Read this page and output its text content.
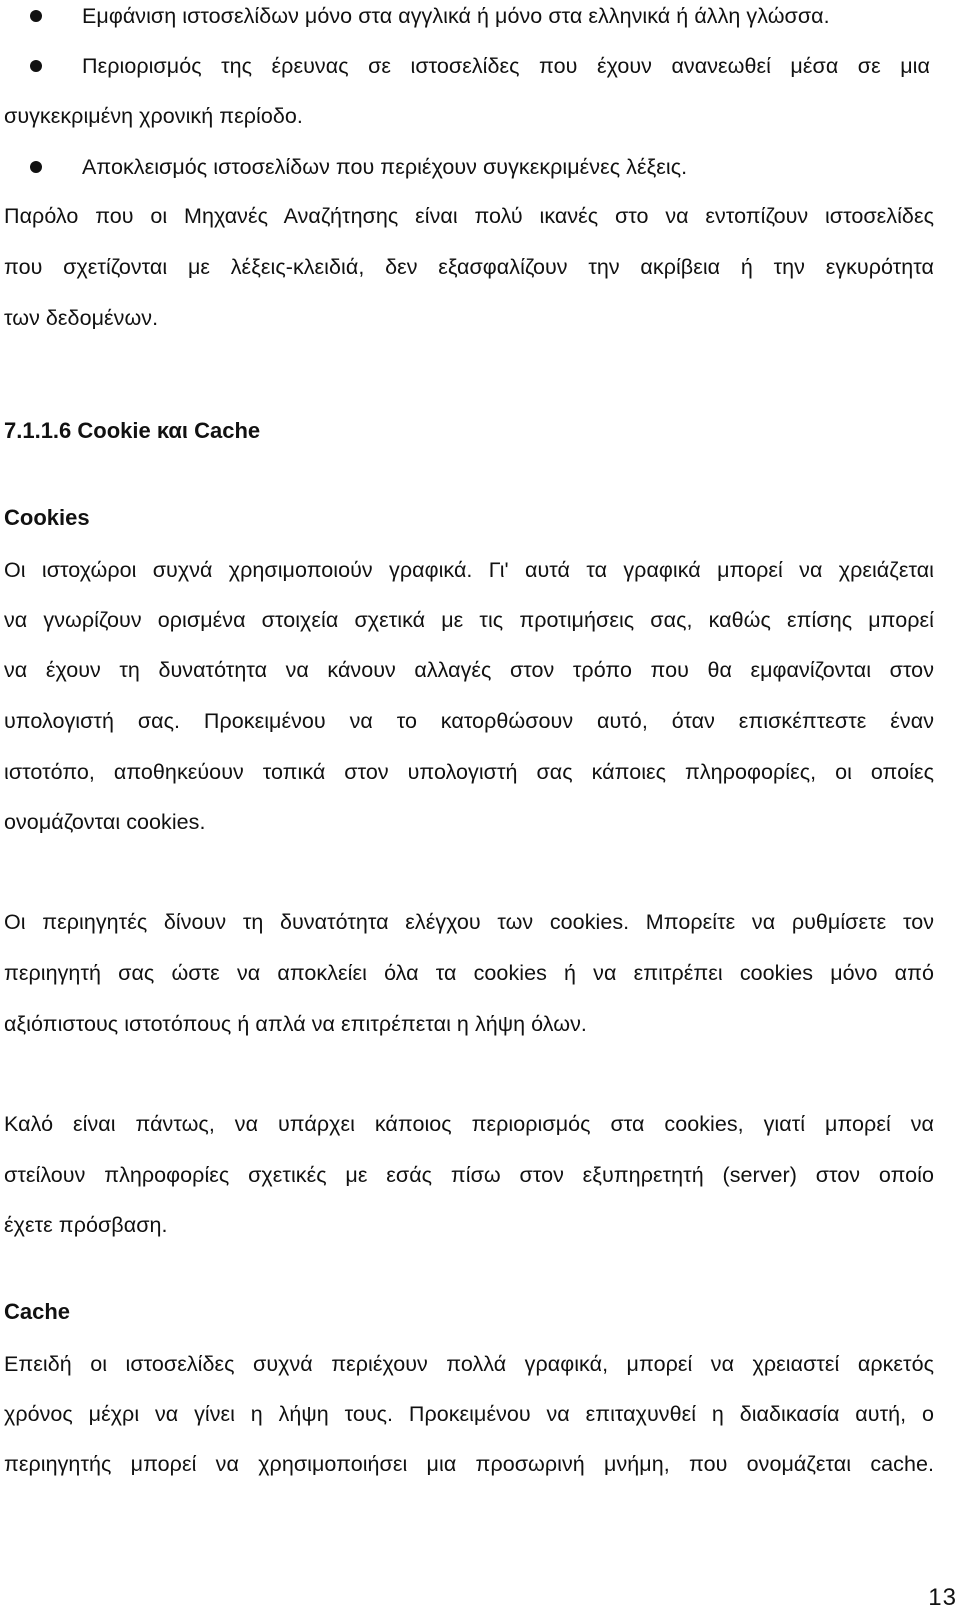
Εμφάνιση ιστοσελίδων μόνο στα αγγλικά ή μόνο στα ελληνικά ή άλλη γλώσσα.
Περιορισμός της έρευνας σε ιστοσελίδες που έχουν ανανεωθεί μέσα σε μια
συγκεκριμένη χρονική περίοδο.
Αποκλεισμός ιστοσελίδων που περιέχουν συγκεκριμένες λέξεις.
Παρόλο που οι Μηχανές Αναζήτησης είναι πολύ ικανές στο να εντοπίζουν ιστοσελίδες
που σχετίζονται με λέξεις-κλειδιά, δεν εξασφαλίζουν την ακρίβεια ή την εγκυρότητα
των δεδομένων.
7.1.1.6 Cookie και Cache
Cookies
Οι ιστοχώροι συχνά χρησιμοποιούν γραφικά. Γι' αυτά τα γραφικά μπορεί να χρειάζεται
να γνωρίζουν ορισμένα στοιχεία σχετικά με τις προτιμήσεις σας, καθώς επίσης μπορεί
να έχουν τη δυνατότητα να κάνουν αλλαγές στον τρόπο που θα εμφανίζονται στον
υπολογιστή σας. Προκειμένου να το κατορθώσουν αυτό, όταν επισκέπτεστε έναν
ιστοτόπο, αποθηκεύουν τοπικά στον υπολογιστή σας κάποιες πληροφορίες, οι οποίες
ονομάζονται cookies.
Οι περιηγητές δίνουν τη δυνατότητα ελέγχου των cookies. Μπορείτε να ρυθμίσετε τον
περιηγητή σας ώστε να αποκλείει όλα τα cookies ή να επιτρέπει cookies μόνο από
αξιόπιστους ιστοτόπους ή απλά να επιτρέπεται η λήψη όλων.
Καλό είναι πάντως, να υπάρχει κάποιος περιορισμός στα cookies, γιατί μπορεί να
στείλουν πληροφορίες σχετικές με εσάς πίσω στον εξυπηρετητή (server) στον οποίο
έχετε πρόσβαση.
Cache
Επειδή οι ιστοσελίδες συχνά περιέχουν πολλά γραφικά, μπορεί να χρειαστεί αρκετός
χρόνος μέχρι να γίνει η λήψη τους. Προκειμένου να επιταχυνθεί η διαδικασία αυτή, ο
περιηγητής μπορεί να χρησιμοποιήσει μια προσωρινή μνήμη, που ονομάζεται cache.
13
